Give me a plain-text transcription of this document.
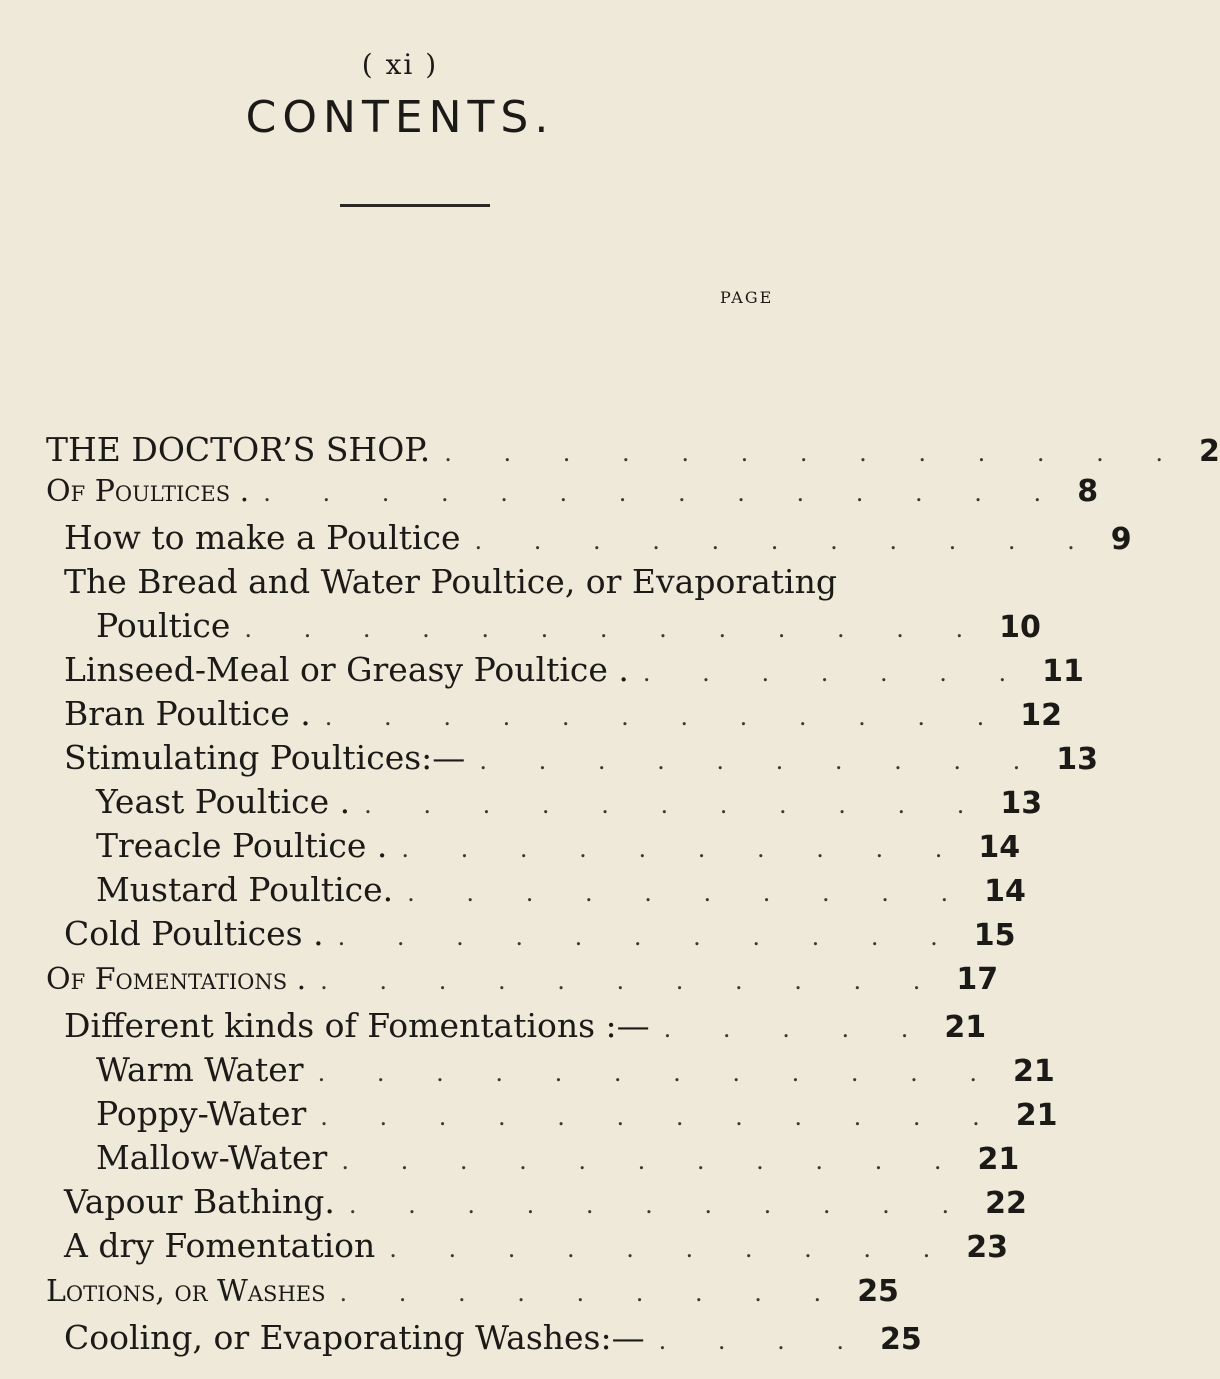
( xi )
CONTENTS.
PAGE
THE DOCTOR’S SHOP. . . . . . . . . . . . . . 2
Of Poultices . . . . . . . . . . . . . . . 8
How to make a Poultice . . . . . . . . . . . 9
The Bread and Water Poultice, or Evaporating
Poultice . . . . . . . . . . . . . 10
Linseed-Meal or Greasy Poultice . . . . . . . . 11
Bran Poultice . . . . . . . . . . . . . 12
Stimulating Poultices:— . . . . . . . . . . 13
Yeast Poultice . . . . . . . . . . . . 13
Treacle Poultice . . . . . . . . . . . 14
Mustard Poultice. . . . . . . . . . . 14
Cold Poultices . . . . . . . . . . . . 15
Of Fomentations . . . . . . . . . . . . 17
Different kinds of Fomentations :— . . . . . 21
Warm Water . . . . . . . . . . . . 21
Poppy-Water . . . . . . . . . . . . 21
Mallow-Water . . . . . . . . . . . 21
Vapour Bathing. . . . . . . . . . . . 22
A dry Fomentation . . . . . . . . . . 23
Lotions, or Washes . . . . . . . . . 25
Cooling, or Evaporating Washes:— . . . . 25
